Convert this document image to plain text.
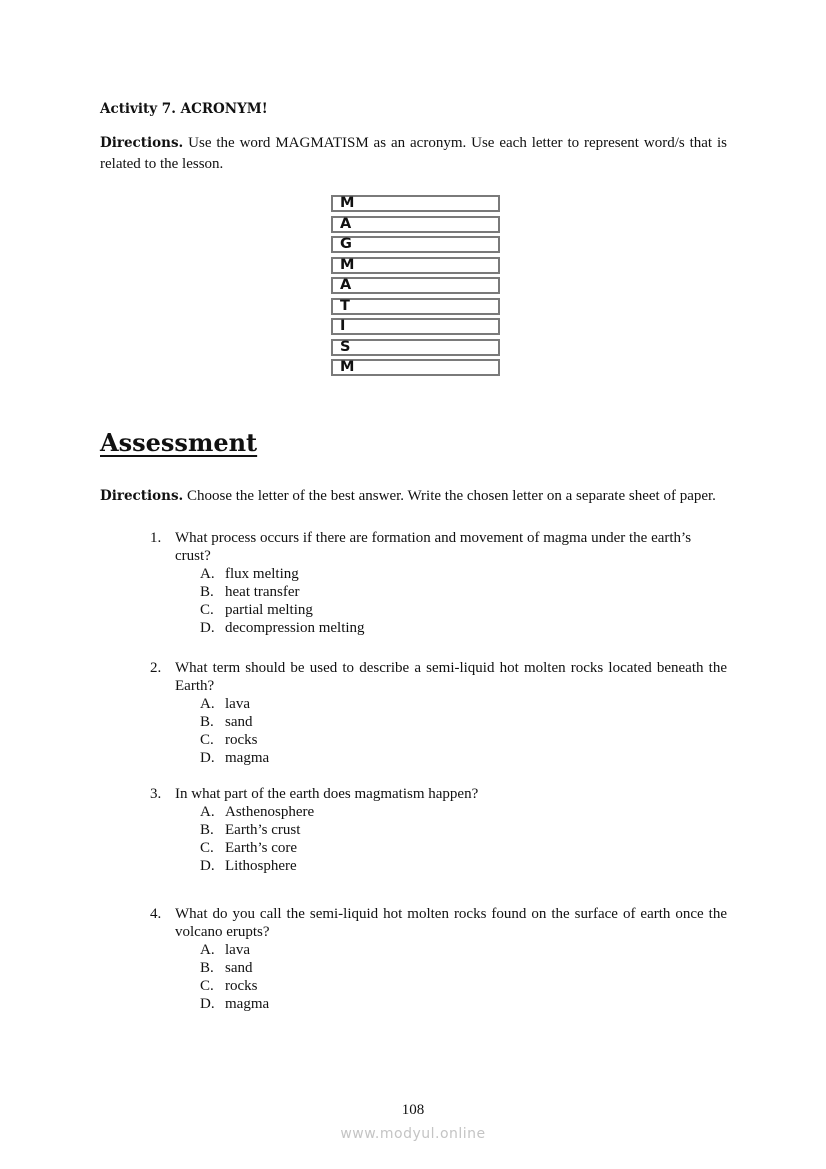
Activity 7. ACRONYM!
Directions. Use the word MAGMATISM as an acronym. Use each letter to represent word/s that is related to the lesson.
M
A
G
M
A
T
I
S
M
Assessment
Directions. Choose the letter of the best answer. Write the chosen letter on a separate sheet of paper.
1. What process occurs if there are formation and movement of magma under the earth’s crust?
A. flux melting
B. heat transfer
C. partial melting
D. decompression melting
2. What term should be used to describe a semi-liquid hot molten rocks located beneath the Earth?
A. lava
B. sand
C. rocks
D. magma
3. In what part of the earth does magmatism happen?
A. Asthenosphere
B. Earth’s crust
C. Earth’s core
D. Lithosphere
4. What do you call the semi-liquid hot molten rocks found on the surface of earth once the volcano erupts?
A. lava
B. sand
C. rocks
D. magma
108
www.modyul.online
